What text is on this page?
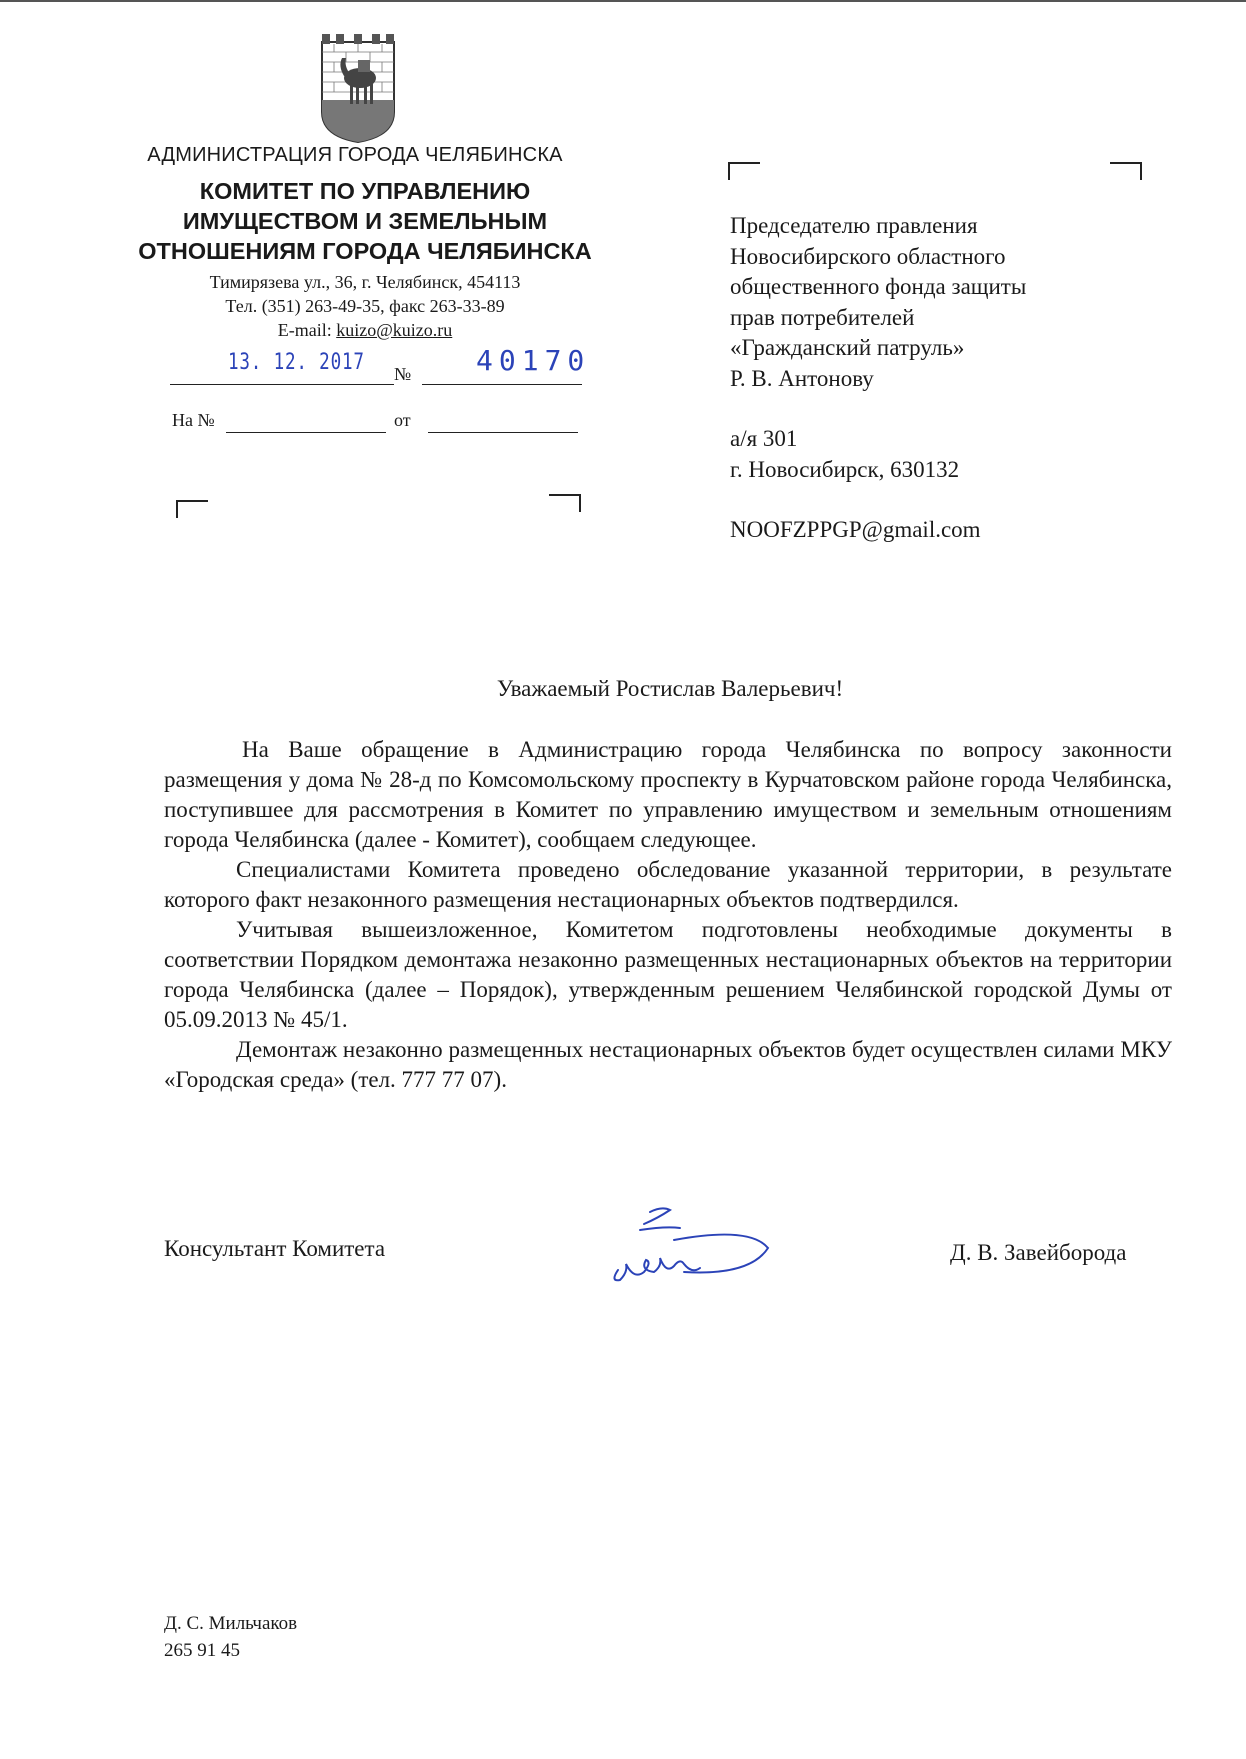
АДМИНИСТРАЦИЯ ГОРОДА ЧЕЛЯБИНСКА
КОМИТЕТ ПО УПРАВЛЕНИЮ
ИМУЩЕСТВОМ И ЗЕМЕЛЬНЫМ
ОТНОШЕНИЯМ ГОРОДА ЧЕЛЯБИНСКА
Тимирязева ул., 36, г. Челябинск, 454113
Тел. (351) 263-49-35, факс 263-33-89
E-mail: kuizo@kuizo.ru
13. 12. 2017 № 40170
На №	от
Председателю правления
Новосибирского областного
общественного фонда защиты
прав потребителей
«Гражданский патруль»
Р. В. Антонову
а/я 301
г. Новосибирск, 630132
NOOFZPPGP@gmail.com
Уважаемый Ростислав Валерьевич!

На Ваше обращение в Администрацию города Челябинска по вопросу законности размещения у дома № 28-д по Комсомольскому проспекту в Курчатовском районе города Челябинска, поступившее для рассмотрения в Комитет по управлению имуществом и земельным отношениям города Челябинска (далее - Комитет), сообщаем следующее.

Специалистами Комитета проведено обследование указанной территории, в результате которого факт незаконного размещения нестационарных объектов подтвердился.

Учитывая вышеизложенное, Комитетом подготовлены необходимые документы в соответствии Порядком демонтажа незаконно размещенных нестационарных объектов на территории города Челябинска (далее – Порядок), утвержденным решением Челябинской городской Думы от 05.09.2013 № 45/1.

Демонтаж незаконно размещенных нестационарных объектов будет осуществлен силами МКУ «Городская среда» (тел. 777 77 07).

Консультант Комитета	Д. В. Завейборода
Д. С. Мильчаков
265 91 45
